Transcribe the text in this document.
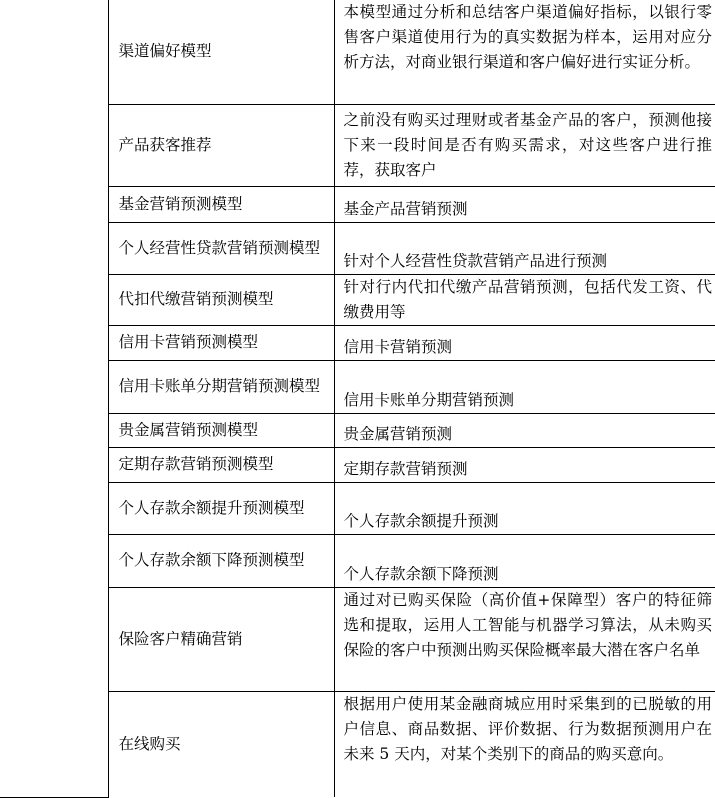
	渠道偏好模型	本模型通过分析和总结客户渠道偏好指标，以银行零售客户渠道使用行为的真实数据为样本，运用对应分析方法，对商业银行渠道和客户偏好进行实证分析。
	产品获客推荐	之前没有购买过理财或者基金产品的客户，预测他接下来一段时间是否有购买需求，对这些客户进行推荐，获取客户
	基金营销预测模型	基金产品营销预测
	个人经营性贷款营销预测模型	针对个人经营性贷款营销产品进行预测
	代扣代缴营销预测模型	针对行内代扣代缴产品营销预测，包括代发工资、代缴费用等
	信用卡营销预测模型	信用卡营销预测
	信用卡账单分期营销预测模型	信用卡账单分期营销预测
	贵金属营销预测模型	贵金属营销预测
	定期存款营销预测模型	定期存款营销预测
	个人存款余额提升预测模型	个人存款余额提升预测
	个人存款余额下降预测模型	个人存款余额下降预测
	保险客户精确营销	通过对已购买保险（高价值+保障型）客户的特征筛选和提取，运用人工智能与机器学习算法，从未购买保险的客户中预测出购买保险概率最大潜在客户名单
	在线购买	根据用户使用某金融商城应用时采集到的已脱敏的用户信息、商品数据、评价数据、行为数据预测用户在未来 5 天内，对某个类别下的商品的购买意向。
